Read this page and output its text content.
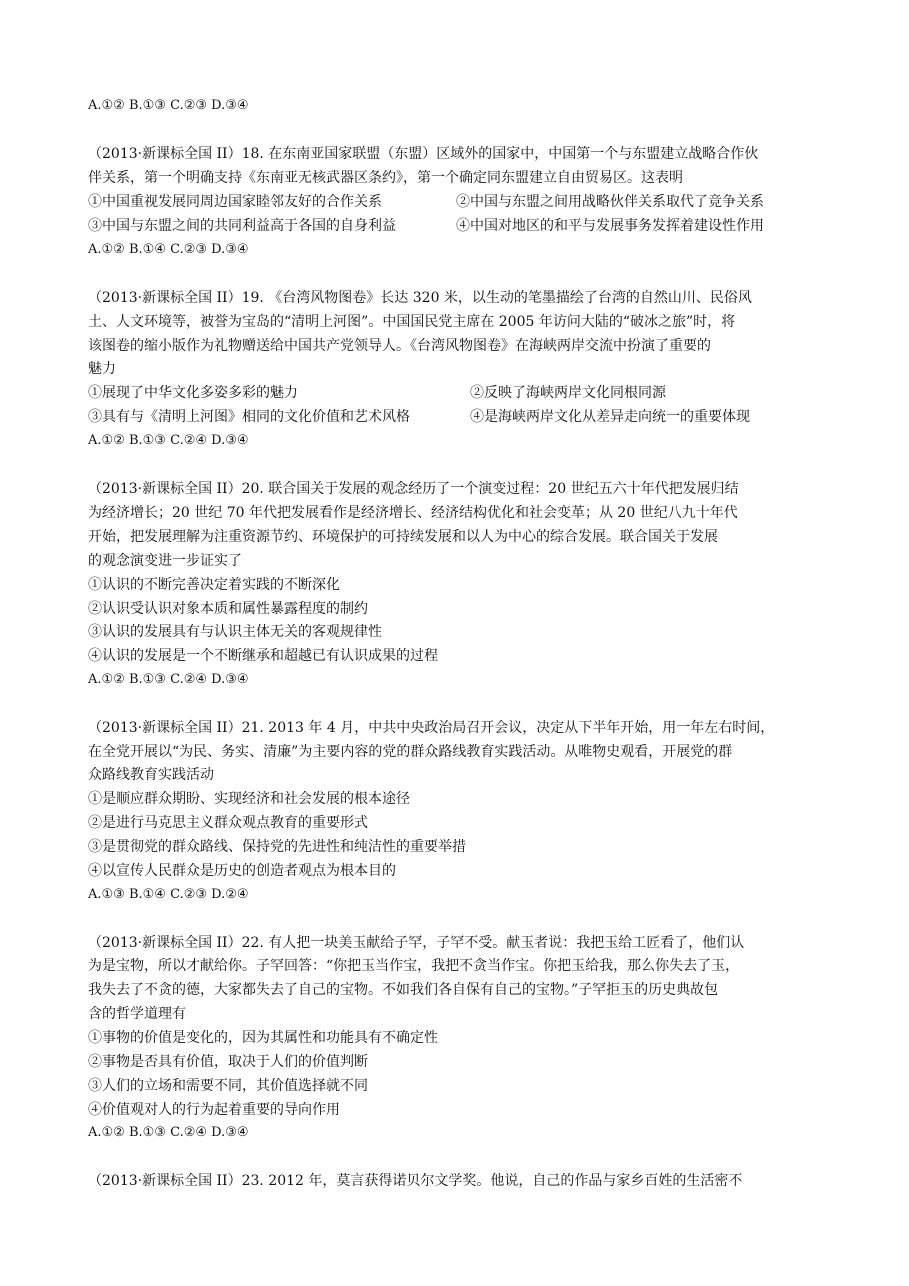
A.①② B.①③ C.②③ D.③④
（2013·新课标全国 II）18. 在东南亚国家联盟（东盟）区域外的国家中，中国第一个与东盟建立战略合作伙
伴关系，第一个明确支持《东南亚无核武器区条约》，第一个确定同东盟建立自由贸易区。这表明
①中国重视发展同周边国家睦邻友好的合作关系	②中国与东盟之间用战略伙伴关系取代了竞争关系
③中国与东盟之间的共同利益高于各国的自身利益	④中国对地区的和平与发展事务发挥着建设性作用
A.①② B.①④ C.②③ D.③④
（2013·新课标全国 II）19. 《台湾风物图卷》长达 320 米，以生动的笔墨描绘了台湾的自然山川、民俗风
土、人文环境等，被誉为宝岛的“清明上河图”。中国国民党主席在 2005 年访问大陆的“破冰之旅”时，将
该图卷的缩小版作为礼物赠送给中国共产党领导人。《台湾风物图卷》在海峡两岸交流中扮演了重要的
魅力
①展现了中华文化多姿多彩的魅力	②反映了海峡两岸文化同根同源
③具有与《清明上河图》相同的文化价值和艺术风格	④是海峡两岸文化从差异走向统一的重要体现
A.①② B.①③ C.②④ D.③④
（2013·新课标全国 II）20. 联合国关于发展的观念经历了一个演变过程：20 世纪五六十年代把发展归结
为经济增长；20 世纪 70 年代把发展看作是经济增长、经济结构优化和社会变革；从 20 世纪八九十年代
开始，把发展理解为注重资源节约、环境保护的可持续发展和以人为中心的综合发展。联合国关于发展
的观念演变进一步证实了
①认识的不断完善决定着实践的不断深化
②认识受认识对象本质和属性暴露程度的制约
③认识的发展具有与认识主体无关的客观规律性
④认识的发展是一个不断继承和超越已有认识成果的过程
A.①② B.①③ C.②④ D.③④
（2013·新课标全国 II）21. 2013 年 4 月，中共中央政治局召开会议，决定从下半年开始，用一年左右时间，
在全党开展以“为民、务实、清廉”为主要内容的党的群众路线教育实践活动。从唯物史观看，开展党的群
众路线教育实践活动
①是顺应群众期盼、实现经济和社会发展的根本途径
②是进行马克思主义群众观点教育的重要形式
③是贯彻党的群众路线、保持党的先进性和纯洁性的重要举措
④以宣传人民群众是历史的创造者观点为根本目的
A.①③ B.①④ C.②③ D.②④
（2013·新课标全国 II）22. 有人把一块美玉献给子罕，子罕不受。献玉者说：我把玉给工匠看了，他们认
为是宝物，所以才献给你。子罕回答：“你把玉当作宝，我把不贪当作宝。你把玉给我，那么你失去了玉，
我失去了不贪的德，大家都失去了自己的宝物。不如我们各自保有自己的宝物。”子罕拒玉的历史典故包
含的哲学道理有
①事物的价值是变化的，因为其属性和功能具有不确定性
②事物是否具有价值，取决于人们的价值判断
③人们的立场和需要不同，其价值选择就不同
④价值观对人的行为起着重要的导向作用
A.①② B.①③ C.②④ D.③④
（2013·新课标全国 II）23. 2012 年，莫言获得诺贝尔文学奖。他说，自己的作品与家乡百姓的生活密不
